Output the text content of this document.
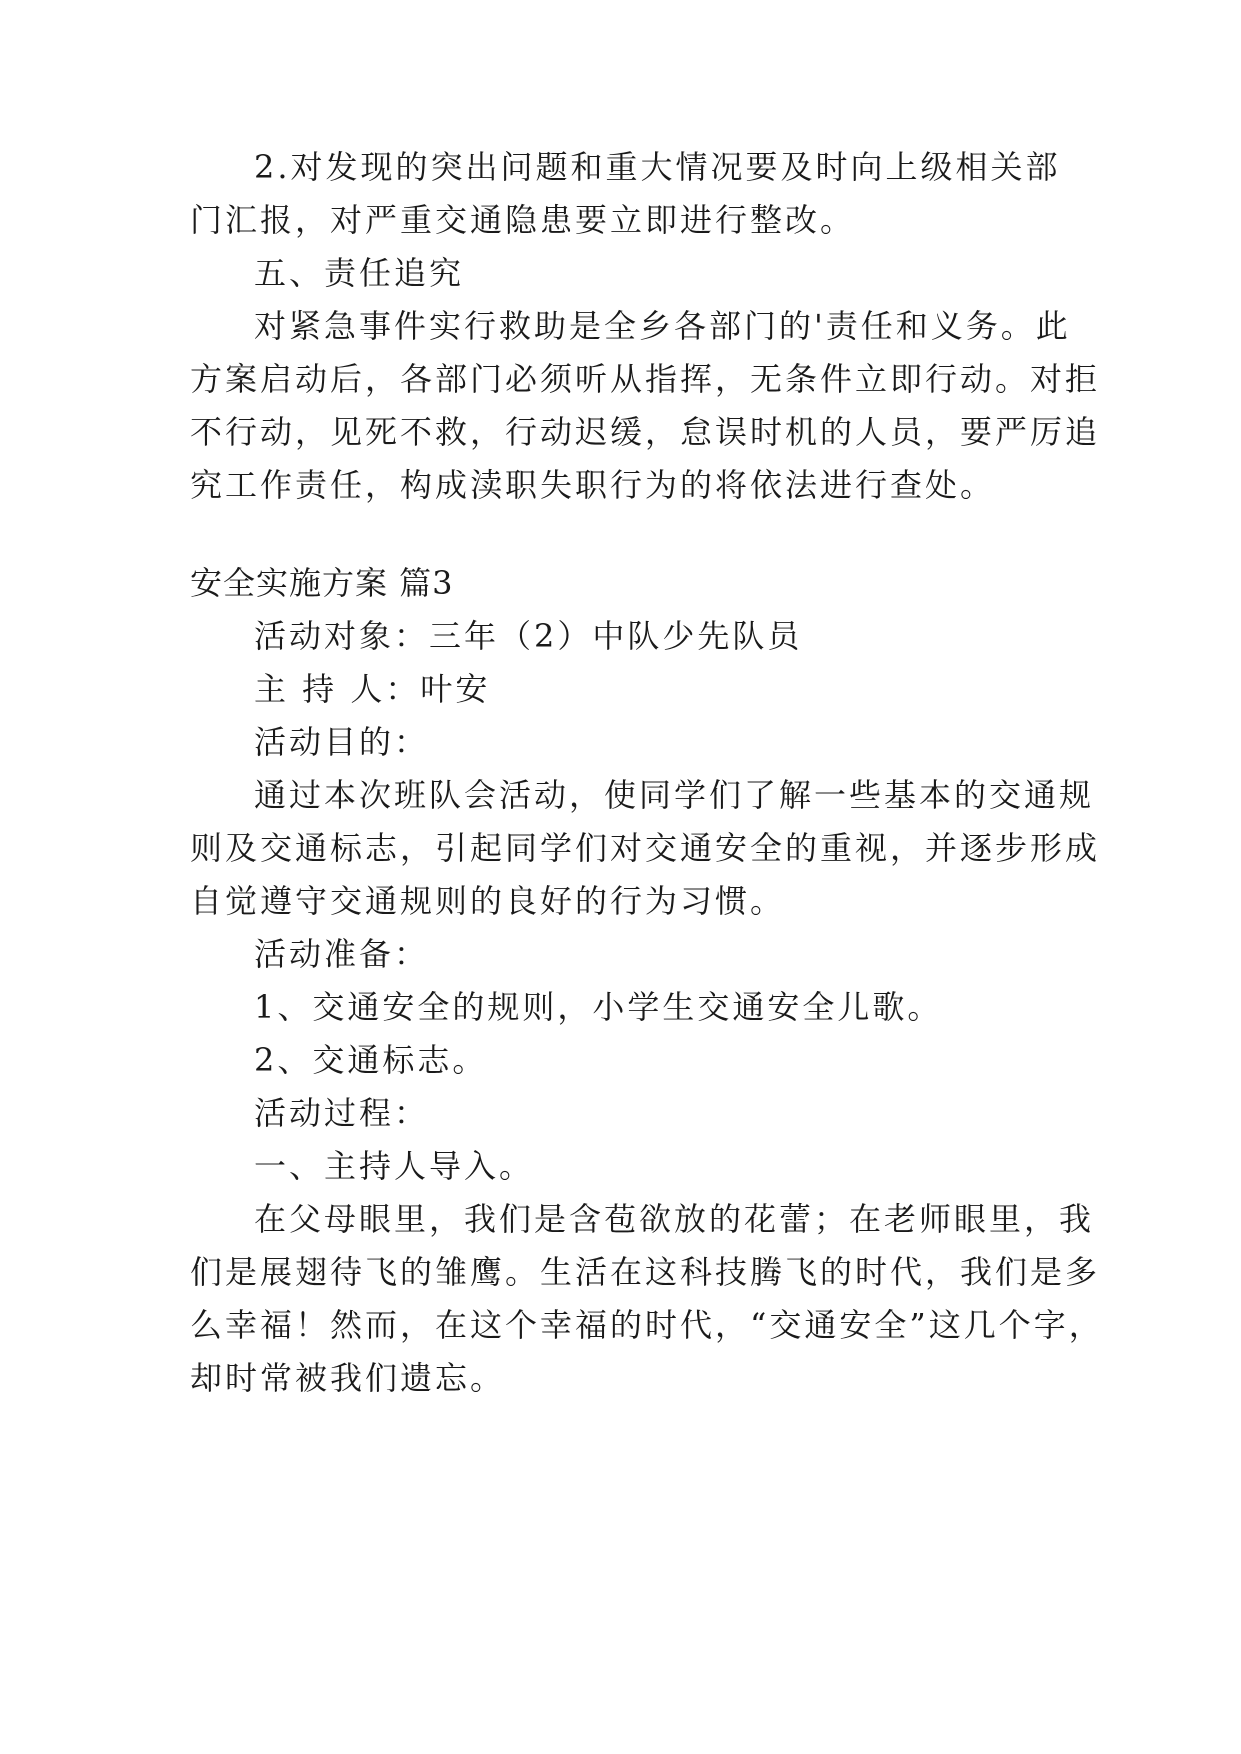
2.对发现的突出问题和重大情况要及时向上级相关部

门汇报，对严重交通隐患要立即进行整改。

五、责任追究

对紧急事件实行救助是全乡各部门的'责任和义务。此

方案启动后，各部门必须听从指挥，无条件立即行动。对拒

不行动，见死不救，行动迟缓，怠误时机的人员，要严厉追

究工作责任，构成渎职失职行为的将依法进行查处。

安全实施方案 篇3

活动对象：三年（2）中队少先队员

主 持 人：叶安

活动目的：

通过本次班队会活动，使同学们了解一些基本的交通规

则及交通标志，引起同学们对交通安全的重视，并逐步形成

自觉遵守交通规则的良好的行为习惯。

活动准备：

1、交通安全的规则，小学生交通安全儿歌。

2、交通标志。

活动过程：

一、主持人导入。

在父母眼里，我们是含苞欲放的花蕾；在老师眼里，我

们是展翅待飞的雏鹰。生活在这科技腾飞的时代，我们是多

么幸福！然而，在这个幸福的时代，“交通安全”这几个字，

却时常被我们遗忘。
